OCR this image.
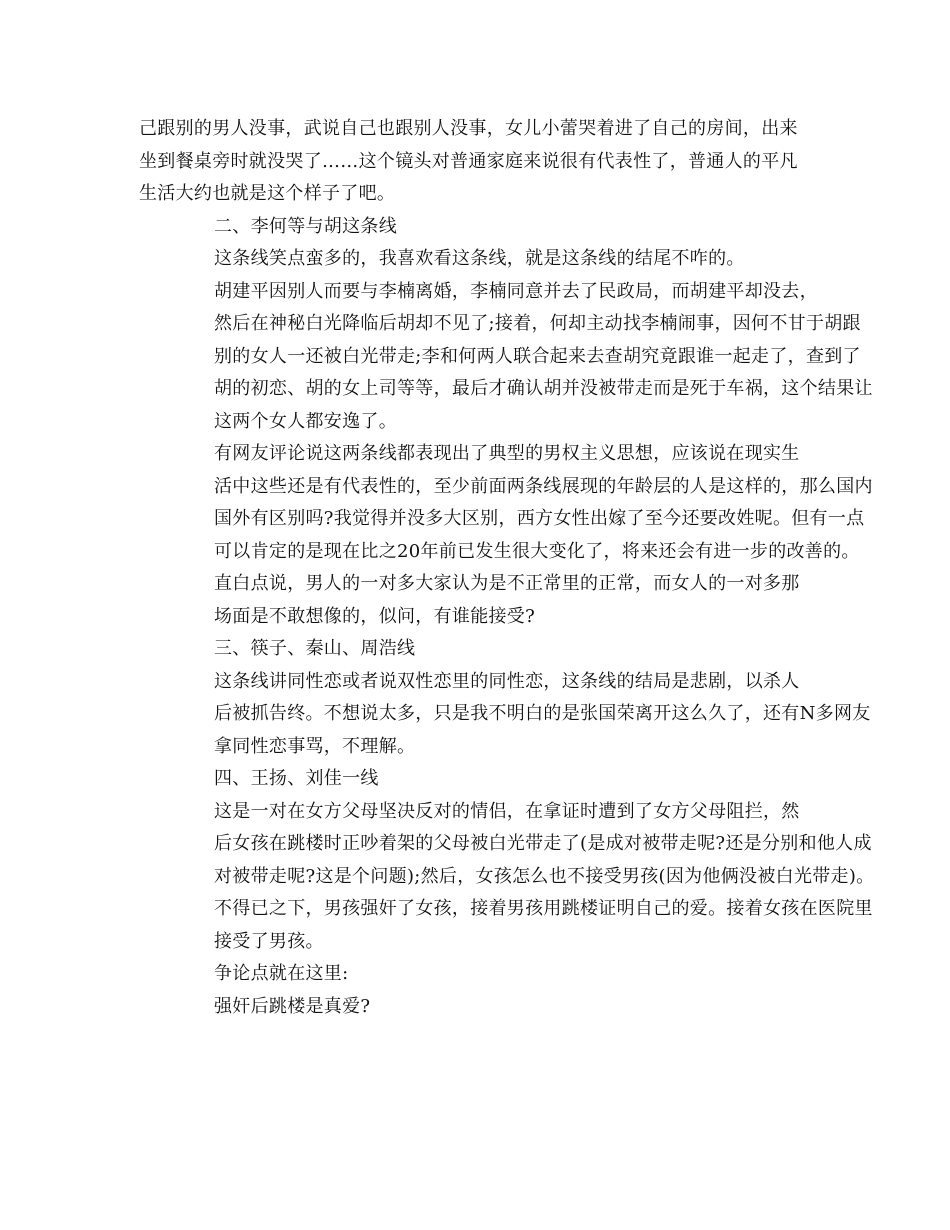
己跟别的男人没事，武说自己也跟别人没事，女儿小蕾哭着进了自己的房间，出来
坐到餐桌旁时就没哭了……这个镜头对普通家庭来说很有代表性了，普通人的平凡
生活大约也就是这个样子了吧。

二、李何等与胡这条线

这条线笑点蛮多的，我喜欢看这条线，就是这条线的结尾不咋的。

胡建平因别人而要与李楠离婚，李楠同意并去了民政局，而胡建平却没去，
然后在神秘白光降临后胡却不见了;接着，何却主动找李楠闹事，因何不甘于胡跟
别的女人一还被白光带走;李和何两人联合起来去查胡究竟跟谁一起走了，查到了
胡的初恋、胡的女上司等等，最后才确认胡并没被带走而是死于车祸，这个结果让
这两个女人都安逸了。

有网友评论说这两条线都表现出了典型的男权主义思想，应该说在现实生
活中这些还是有代表性的，至少前面两条线展现的年龄层的人是这样的，那么国内
国外有区别吗?我觉得并没多大区别，西方女性出嫁了至今还要改姓呢。但有一点
可以肯定的是现在比之20年前已发生很大变化了，将来还会有进一步的改善的。

直白点说，男人的一对多大家认为是不正常里的正常，而女人的一对多那
场面是不敢想像的，似问，有谁能接受?

三、筷子、秦山、周浩线

这条线讲同性恋或者说双性恋里的同性恋，这条线的结局是悲剧，以杀人
后被抓告终。不想说太多，只是我不明白的是张国荣离开这么久了，还有N多网友
拿同性恋事骂，不理解。

四、王扬、刘佳一线

这是一对在女方父母坚决反对的情侣，在拿证时遭到了女方父母阻拦，然
后女孩在跳楼时正吵着架的父母被白光带走了(是成对被带走呢?还是分别和他人成
对被带走呢?这是个问题);然后，女孩怎么也不接受男孩(因为他俩没被白光带走)。
不得已之下，男孩强奸了女孩，接着男孩用跳楼证明自己的爱。接着女孩在医院里
接受了男孩。

争论点就在这里:

强奸后跳楼是真爱?
